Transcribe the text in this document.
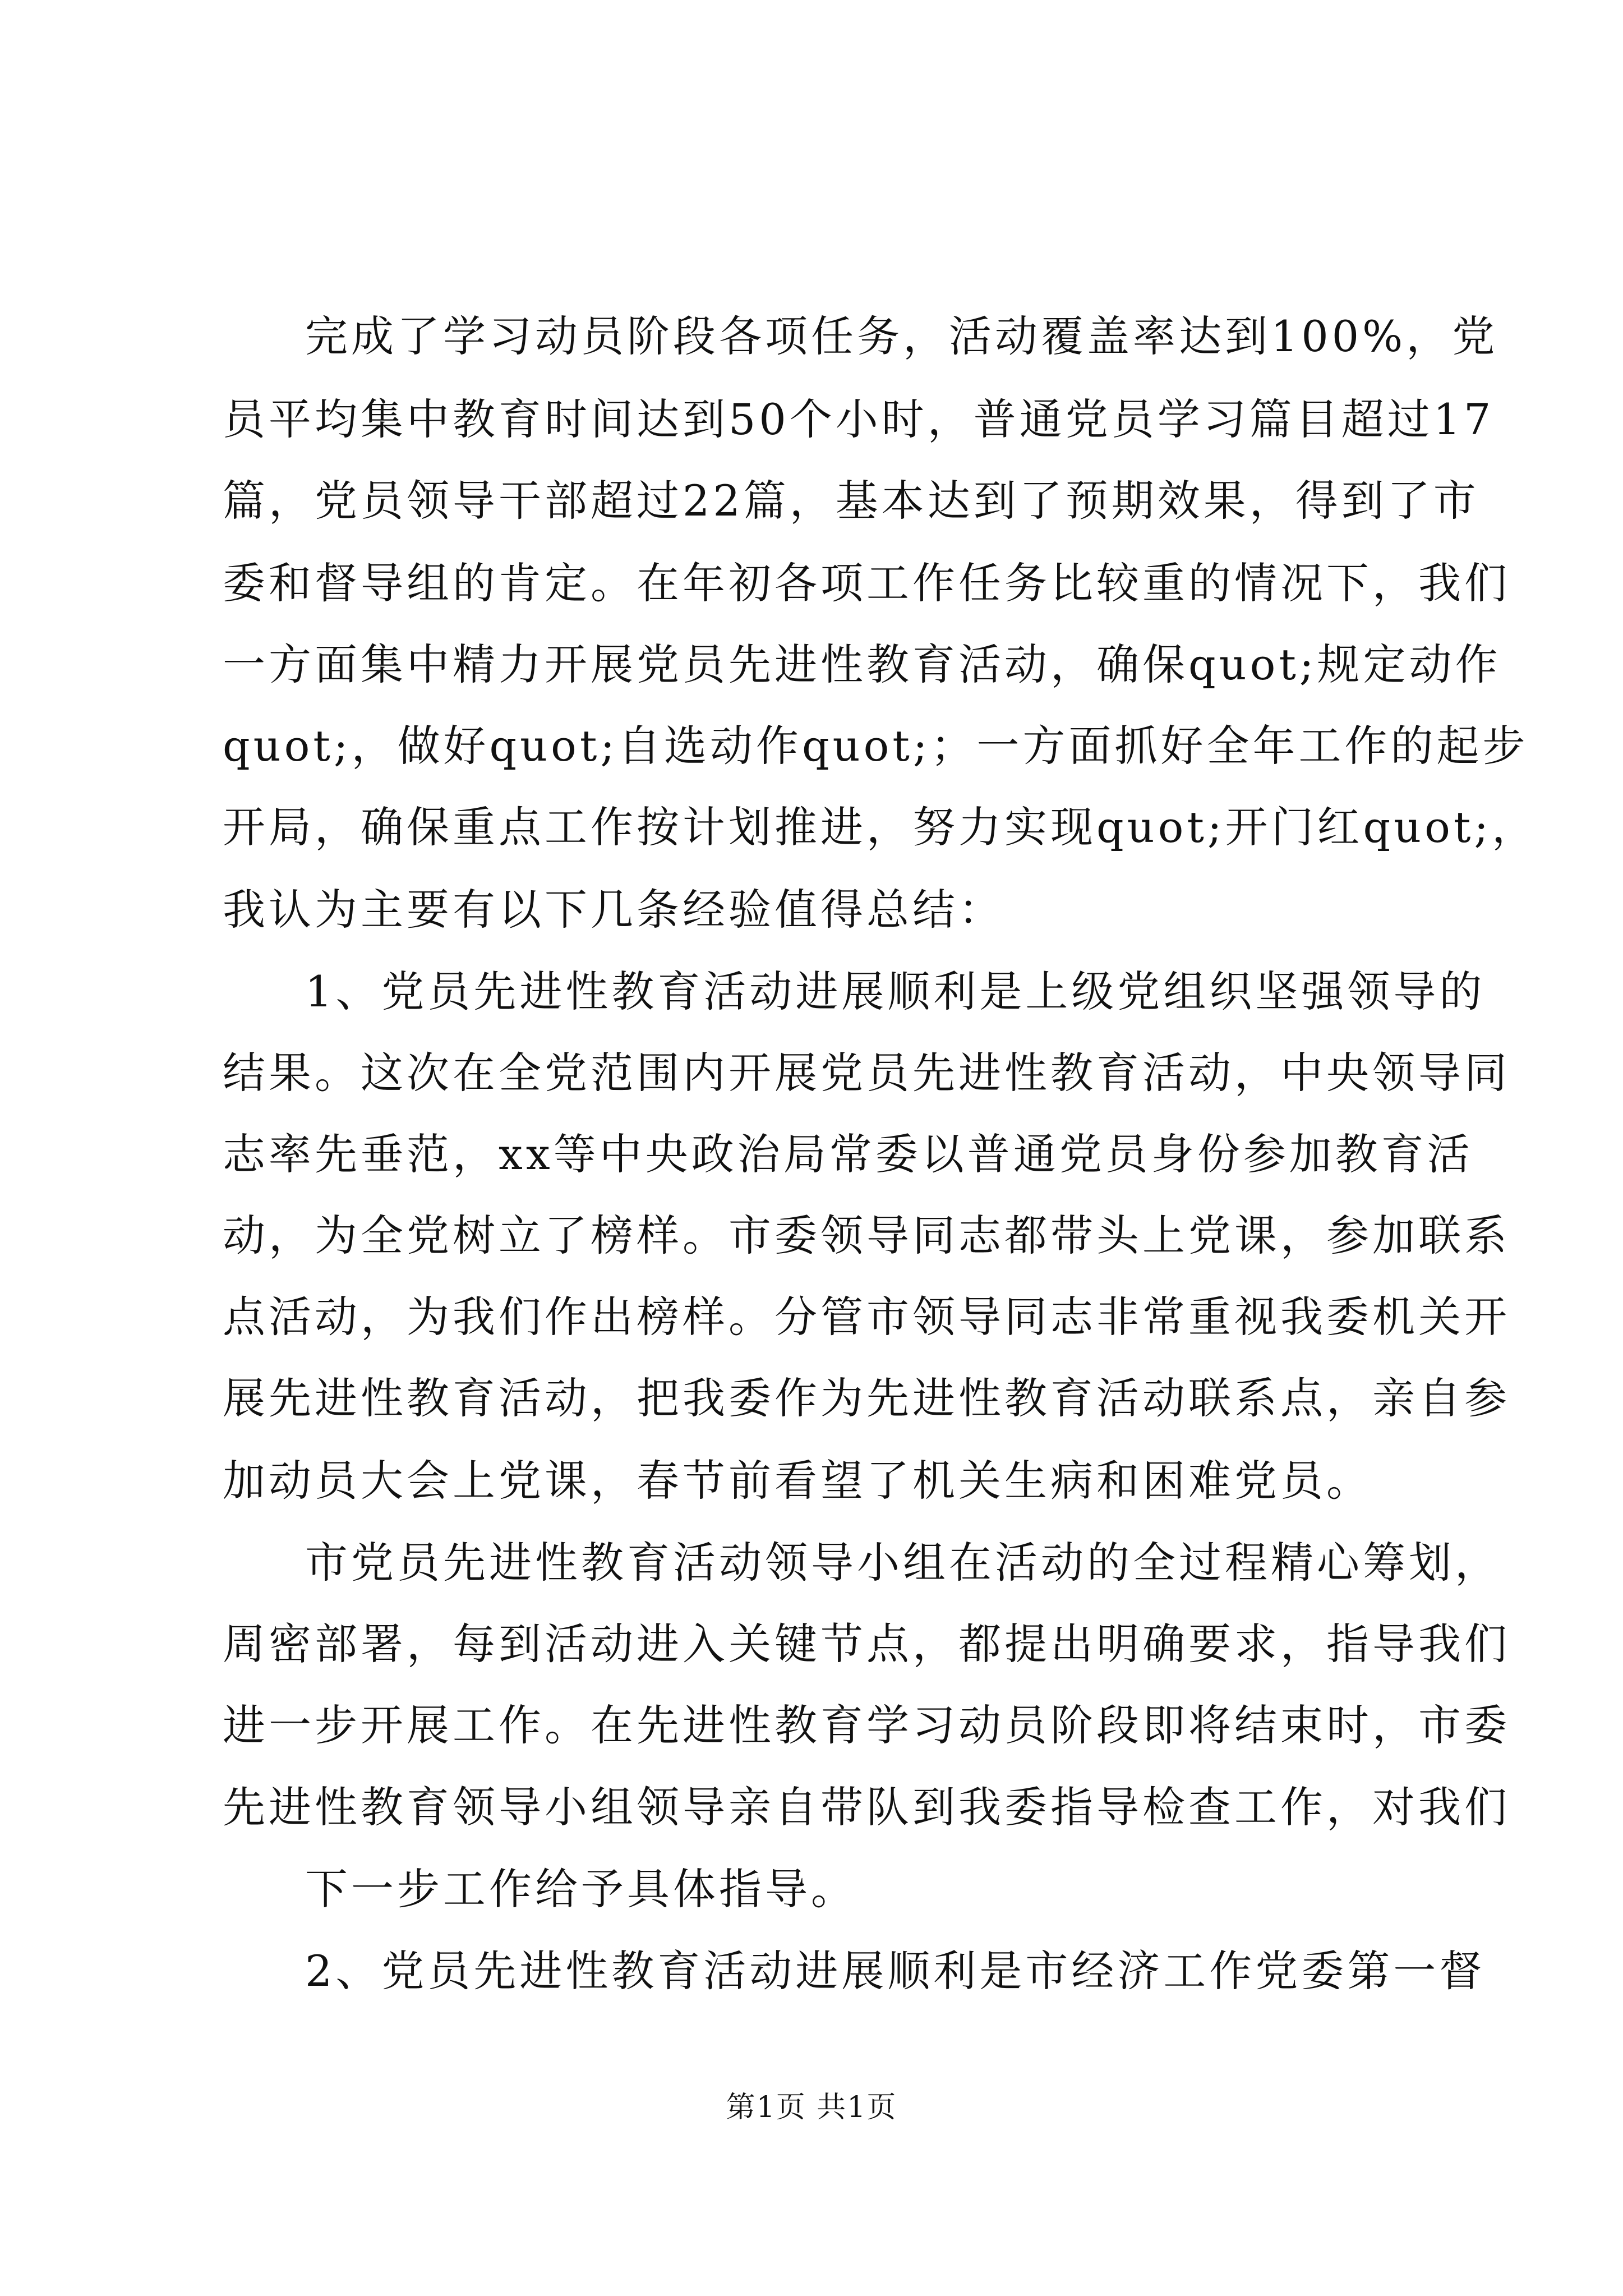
完成了学习动员阶段各项任务，活动覆盖率达到100%，党
员平均集中教育时间达到50个小时，普通党员学习篇目超过17
篇，党员领导干部超过22篇，基本达到了预期效果，得到了市
委和督导组的肯定。在年初各项工作任务比较重的情况下，我们
一方面集中精力开展党员先进性教育活动，确保quot;规定动作
quot;，做好quot;自选动作quot;；一方面抓好全年工作的起步
开局，确保重点工作按计划推进，努力实现quot;开门红quot;，
我认为主要有以下几条经验值得总结：
1、党员先进性教育活动进展顺利是上级党组织坚强领导的
结果。这次在全党范围内开展党员先进性教育活动，中央领导同
志率先垂范，xx等中央政治局常委以普通党员身份参加教育活
动，为全党树立了榜样。市委领导同志都带头上党课，参加联系
点活动，为我们作出榜样。分管市领导同志非常重视我委机关开
展先进性教育活动，把我委作为先进性教育活动联系点，亲自参
加动员大会上党课，春节前看望了机关生病和困难党员。
市党员先进性教育活动领导小组在活动的全过程精心筹划，
周密部署，每到活动进入关键节点，都提出明确要求，指导我们
进一步开展工作。在先进性教育学习动员阶段即将结束时，市委
先进性教育领导小组领导亲自带队到我委指导检查工作，对我们
下一步工作给予具体指导。
2、党员先进性教育活动进展顺利是市经济工作党委第一督
第1页 共1页
